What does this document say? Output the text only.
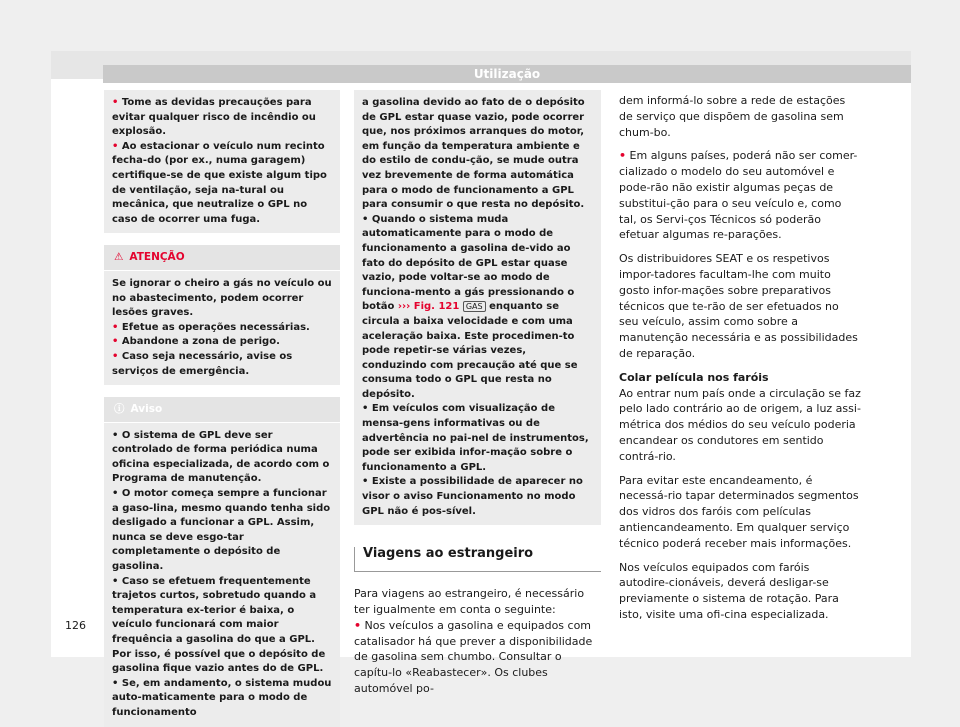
Utilização

• Tome as devidas precauções para evitar qualquer risco de incêndio ou explosão.

• Ao estacionar o veículo num recinto fecha-do (por ex., numa garagem) certifique-se de que existe algum tipo de ventilação, seja na-tural ou mecânica, que neutralize o GPL no caso de ocorrer uma fuga.

⚠ ATENÇÃO

Se ignorar o cheiro a gás no veículo ou no abastecimento, podem ocorrer lesões graves.

• Efetue as operações necessárias.

• Abandone a zona de perigo.

• Caso seja necessário, avise os serviços de emergência.

ⓘ Aviso

• O sistema de GPL deve ser controlado de forma periódica numa oficina especializada, de acordo com o Programa de manutenção.

• O motor começa sempre a funcionar a gaso-lina, mesmo quando tenha sido desligado a funcionar a GPL. Assim, nunca se deve esgo-tar completamente o depósito de gasolina.

• Caso se efetuem frequentemente trajetos curtos, sobretudo quando a temperatura ex-terior é baixa, o veículo funcionará com maior frequência a gasolina do que a GPL. Por isso, é possível que o depósito de gasolina fique vazio antes do de GPL.

• Se, em andamento, o sistema mudou auto-maticamente para o modo de funcionamento

a gasolina devido ao fato de o depósito de GPL estar quase vazio, pode ocorrer que, nos próximos arranques do motor, em função da temperatura ambiente e do estilo de condu-ção, se mude outra vez brevemente de forma automática para o modo de funcionamento a GPL para consumir o que resta no depósito.

• Quando o sistema muda automaticamente para o modo de funcionamento a gasolina de-vido ao fato do depósito de GPL estar quase vazio, pode voltar-se ao modo de funciona-mento a gás pressionando o botão ››› Fig. 121 GAS enquanto se circula a baixa velocidade e com uma aceleração baixa. Este procedimen-to pode repetir-se várias vezes, conduzindo com precaução até que se consuma todo o GPL que resta no depósito.

• Em veículos com visualização de mensa-gens informativas ou de advertência no pai-nel de instrumentos, pode ser exibida infor-mação sobre o funcionamento a GPL.

• Existe a possibilidade de aparecer no visor o aviso Funcionamento no modo GPL não é pos-sível.

Viagens ao estrangeiro

Para viagens ao estrangeiro, é necessário ter igualmente em conta o seguinte:

• Nos veículos a gasolina e equipados com catalisador há que prever a disponibilidade de gasolina sem chumbo. Consultar o capítu-lo «Reabastecer». Os clubes automóvel po-

dem informá-lo sobre a rede de estações de serviço que dispõem de gasolina sem chum-bo.

• Em alguns países, poderá não ser comer-cializado o modelo do seu automóvel e pode-rão não existir algumas peças de substitui-ção para o seu veículo e, como tal, os Servi-ços Técnicos só poderão efetuar algumas re-parações.

Os distribuidores SEAT e os respetivos impor-tadores facultam-lhe com muito gosto infor-mações sobre preparativos técnicos que te-rão de ser efetuados no seu veículo, assim como sobre a manutenção necessária e as possibilidades de reparação.

Colar película nos faróis

Ao entrar num país onde a circulação se faz pelo lado contrário ao de origem, a luz assi-métrica dos médios do seu veículo poderia encandear os condutores em sentido contrá-rio.

Para evitar este encandeamento, é necessá-rio tapar determinados segmentos dos vidros dos faróis com películas antiencandeamento. Em qualquer serviço técnico poderá receber mais informações.

Nos veículos equipados com faróis autodire-cionáveis, deverá desligar-se previamente o sistema de rotação. Para isto, visite uma ofi-cina especializada.

126
